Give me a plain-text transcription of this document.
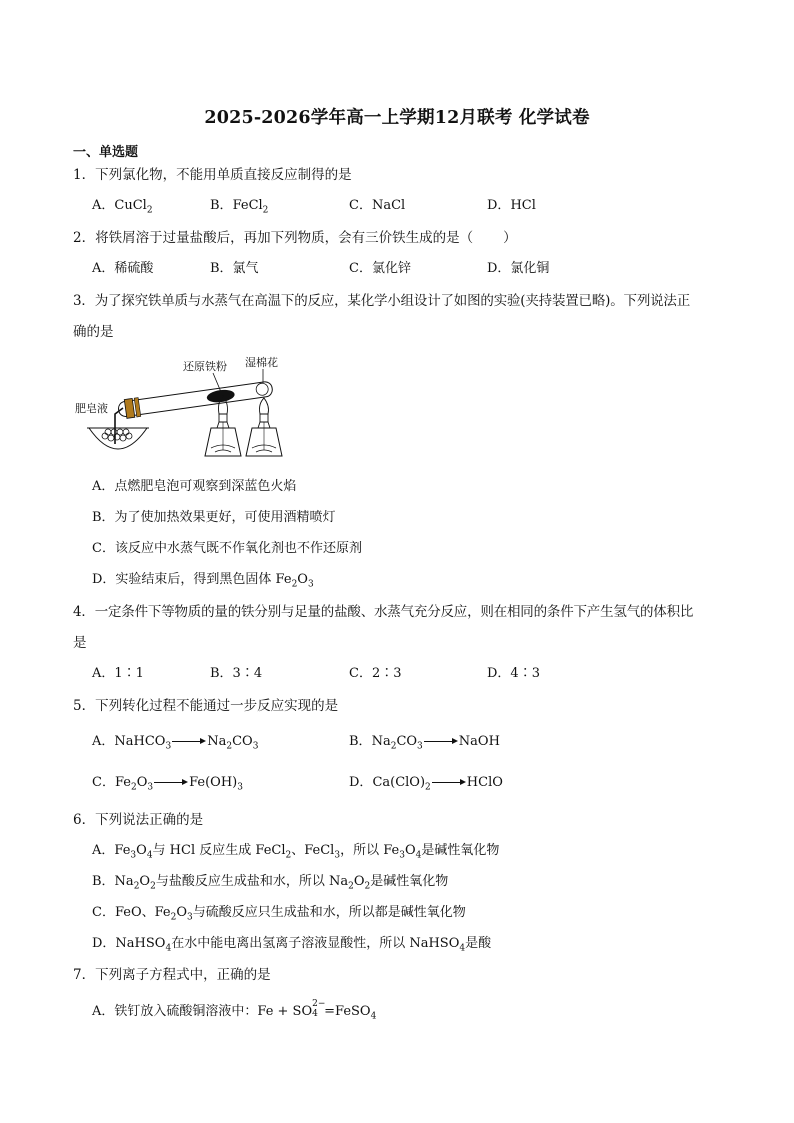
2025-2026学年高一上学期12月联考 化学试卷
一、单选题
1．下列氯化物，不能用单质直接反应制得的是
A．CuCl$_2$	B．FeCl$_2$	C．NaCl	D．HCl
2．将铁屑溶于过量盐酸后，再加下列物质，会有三价铁生成的是（ ）
A．稀硫酸	B．氯气	C．氯化锌	D．氯化铜
3．为了探究铁单质与水蒸气在高温下的反应，某化学小组设计了如图的实验(夹持装置已略)。下列说法正
确的是
还原铁粉 湿棉花
肥皂液
A．点燃肥皂泡可观察到深蓝色火焰
B．为了使加热效果更好，可使用酒精喷灯
C．该反应中水蒸气既不作氧化剂也不作还原剂
D．实验结束后，得到黑色固体 $Fe_2O_3$
4．一定条件下等物质的量的铁分别与足量的盐酸、水蒸气充分反应，则在相同的条件下产生氢气的体积比
是
A．1∶1	B．3∶4	C．2∶3	D．4∶3
5．下列转化过程不能通过一步反应实现的是
A．NaHCO$_3$	$Na_2CO_3$	B．$Na_2CO_3$	NaOH
C．$Fe_2O_3$	$Fe(OH)_3$	D．$Ca(ClO)_2$	HClO
6．下列说法正确的是
A．$Fe_3O_4$与 HCl 反应生成 FeCl$_2$、FeCl$_3$，所以 $Fe_3O_4$是碱性氧化物
B．$Na_2O_2$与盐酸反应生成盐和水，所以 $Na_2O_2$是碱性氧化物
C．FeO、$Fe_2O_3$与硫酸反应只生成盐和水，所以都是碱性氧化物
D．NaHSO$_4$在水中能电离出氢离子溶液显酸性，所以 NaHSO$_4$是酸
7．下列离子方程式中，正确的是
A．铁钉放入硫酸铜溶液中：Fe + SO 2−
4 =FeSO$_4$
